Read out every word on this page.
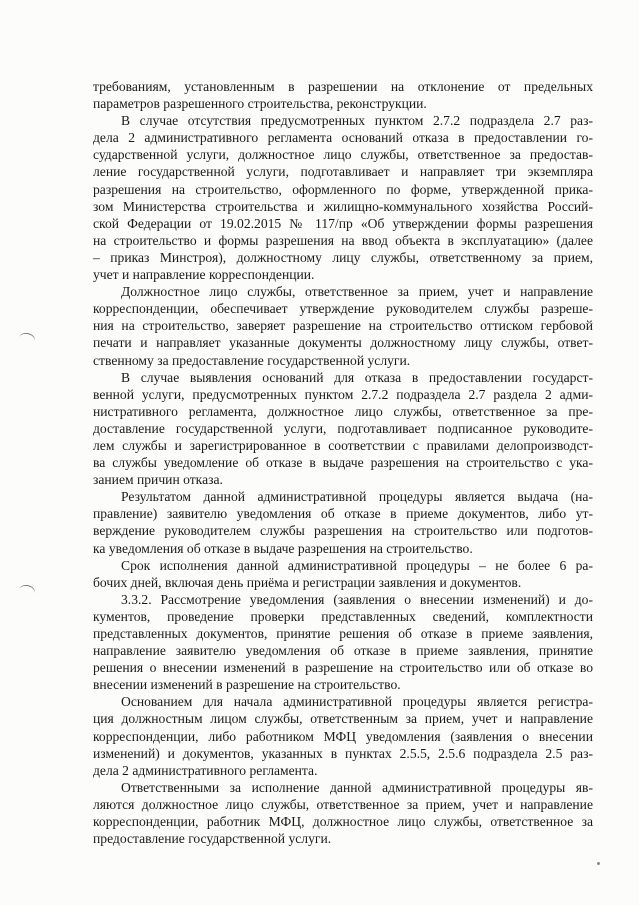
требованиям, установленным в разрешении на отклонение от предельных
параметров разрешенного строительства, реконструкции.
В случае отсутствия предусмотренных пунктом 2.7.2 подраздела 2.7 раз-
дела 2 административного регламента оснований отказа в предоставлении го-
сударственной услуги, должностное лицо службы, ответственное за предостав-
ление государственной услуги, подготавливает и направляет три экземпляра
разрешения на строительство, оформленного по форме, утвержденной прика-
зом Министерства строительства и жилищно-коммунального хозяйства Россий-
ской Федерации от 19.02.2015 № 117/пр «Об утверждении формы разрешения
на строительство и формы разрешения на ввод объекта в эксплуатацию» (далее
– приказ Минстроя), должностному лицу службы, ответственному за прием,
учет и направление корреспонденции.
Должностное лицо службы, ответственное за прием, учет и направление
корреспонденции, обеспечивает утверждение руководителем службы разреше-
ния на строительство, заверяет разрешение на строительство оттиском гербовой
печати и направляет указанные документы должностному лицу службы, ответ-
ственному за предоставление государственной услуги.
В случае выявления оснований для отказа в предоставлении государст-
венной услуги, предусмотренных пунктом 2.7.2 подраздела 2.7 раздела 2 адми-
нистративного регламента, должностное лицо службы, ответственное за пре-
доставление государственной услуги, подготавливает подписанное руководите-
лем службы и зарегистрированное в соответствии с правилами делопроизводст-
ва службы уведомление об отказе в выдаче разрешения на строительство с ука-
занием причин отказа.
Результатом данной административной процедуры является выдача (на-
правление) заявителю уведомления об отказе в приеме документов, либо ут-
верждение руководителем службы разрешения на строительство или подготов-
ка уведомления об отказе в выдаче разрешения на строительство.
Срок исполнения данной административной процедуры – не более 6 ра-
бочих дней, включая день приёма и регистрации заявления и документов.
3.3.2. Рассмотрение уведомления (заявления о внесении изменений) и до-
кументов, проведение проверки представленных сведений, комплектности
представленных документов, принятие решения об отказе в приеме заявления,
направление заявителю уведомления об отказе в приеме заявления, принятие
решения о внесении изменений в разрешение на строительство или об отказе во
внесении изменений в разрешение на строительство.
Основанием для начала административной процедуры является регистра-
ция должностным лицом службы, ответственным за прием, учет и направление
корреспонденции, либо работником МФЦ уведомления (заявления о внесении
изменений) и документов, указанных в пунктах 2.5.5, 2.5.6 подраздела 2.5 раз-
дела 2 административного регламента.
Ответственными за исполнение данной административной процедуры яв-
ляются должностное лицо службы, ответственное за прием, учет и направление
корреспонденции, работник МФЦ, должностное лицо службы, ответственное за
предоставление государственной услуги.
